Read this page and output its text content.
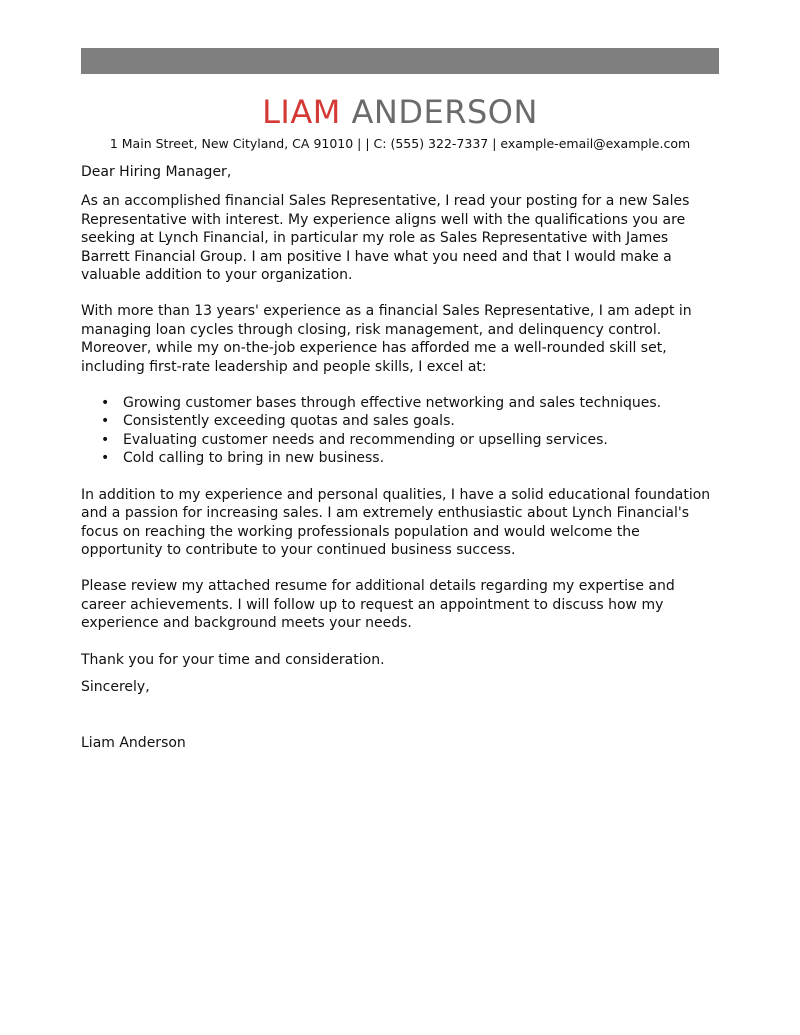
LIAM ANDERSON
1 Main Street, New Cityland, CA 91010 | | C: (555) 322-7337 | example-email@example.com

Dear Hiring Manager,

As an accomplished financial Sales Representative, I read your posting for a new Sales Representative with interest. My experience aligns well with the qualifications you are seeking at Lynch Financial, in particular my role as Sales Representative with James Barrett Financial Group. I am positive I have what you need and that I would make a valuable addition to your organization.

With more than 13 years' experience as a financial Sales Representative, I am adept in managing loan cycles through closing, risk management, and delinquency control. Moreover, while my on-the-job experience has afforded me a well-rounded skill set, including first-rate leadership and people skills, I excel at:

• Growing customer bases through effective networking and sales techniques.
• Consistently exceeding quotas and sales goals.
• Evaluating customer needs and recommending or upselling services.
• Cold calling to bring in new business.

In addition to my experience and personal qualities, I have a solid educational foundation and a passion for increasing sales. I am extremely enthusiastic about Lynch Financial's focus on reaching the working professionals population and would welcome the opportunity to contribute to your continued business success.

Please review my attached resume for additional details regarding my expertise and career achievements. I will follow up to request an appointment to discuss how my experience and background meets your needs.

Thank you for your time and consideration.

Sincerely,

Liam Anderson
